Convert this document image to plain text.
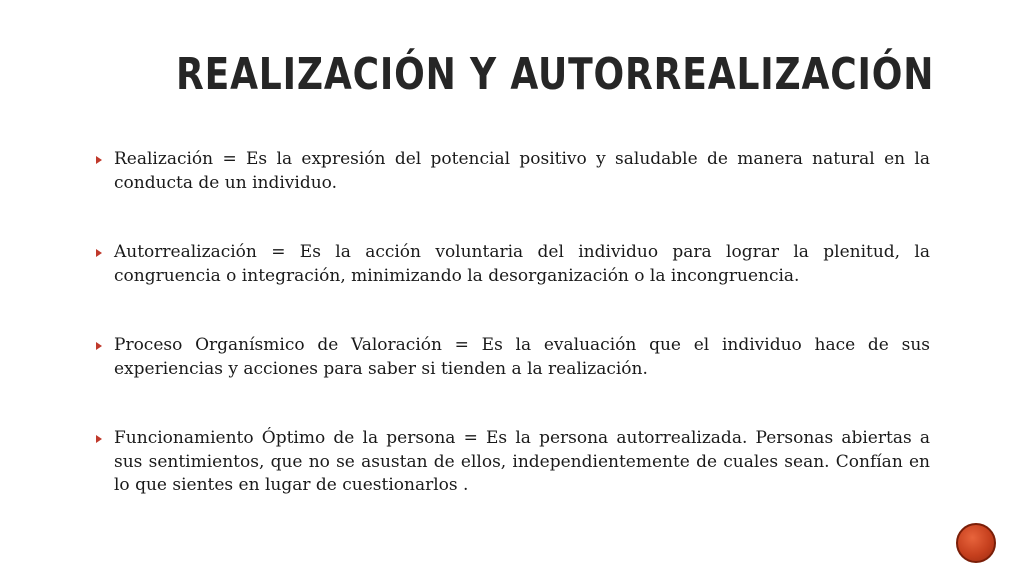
REALIZACIÓN Y AUTORREALIZACIÓN

Realización = Es la expresión del potencial positivo y saludable de manera natural en la conducta de un individuo.

Autorrealización = Es la acción voluntaria del individuo para lograr la plenitud, la congruencia o integración, minimizando la desorganización o la incongruencia.

Proceso Organísmico de Valoración = Es la evaluación que el individuo hace de sus experiencias y acciones para saber si tienden a la realización.

Funcionamiento Óptimo de la persona = Es la persona autorrealizada. Personas abiertas a sus sentimientos, que no se asustan de ellos, independientemente de cuales sean. Confían en lo que sientes en lugar de cuestionarlos .
